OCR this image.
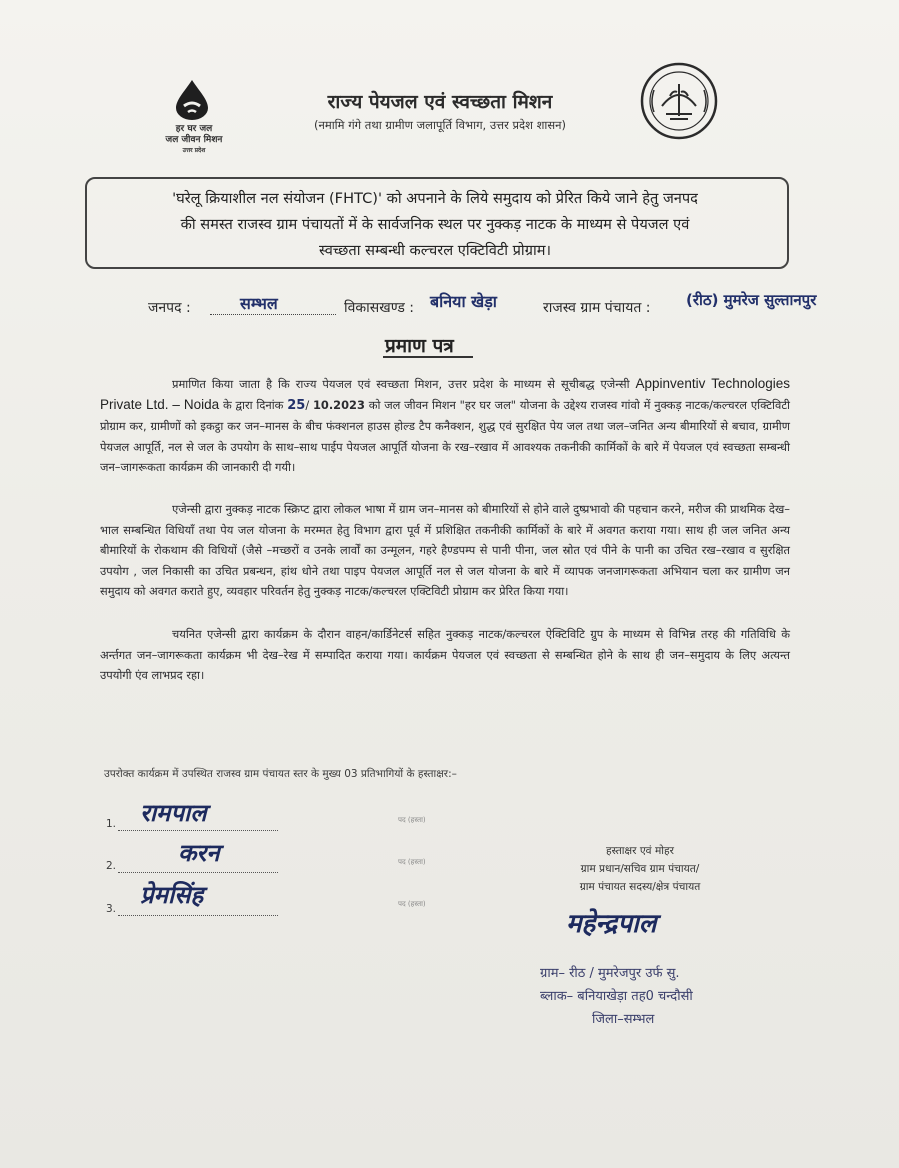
हर घर जल
जल जीवन मिशन
उत्तर प्रदेश
राज्य पेयजल एवं स्वच्छता मिशन
(नमामि गंगे तथा ग्रामीण जलापूर्ति विभाग, उत्तर प्रदेश शासन)
'घरेलू क्रियाशील नल संयोजन (FHTC)' को अपनाने के लिये समुदाय को प्रेरित किये जाने हेतु जनपद
की समस्त राजस्व ग्राम पंचायतों में के सार्वजनिक स्थल पर नुक्कड़ नाटक के माध्यम से पेयजल एवं
स्वच्छता सम्बन्धी कल्चरल एक्टिविटी प्रोग्राम।
जनपद :	सम्भल	विकासखण्ड : बनिया खेड़ा	राजस्व ग्राम पंचायत : (रीठ) मुमरेज सुल्तानपुर
प्रमाण पत्र
प्रमाणित किया जाता है कि राज्य पेयजल एवं स्वच्छता मिशन, उत्तर प्रदेश के माध्यम से सूचीबद्ध एजेन्सी Appinventiv Technologies Private Ltd. – Noida के द्वारा दिनांक 25/ 10.2023 को जल जीवन मिशन "हर घर जल" योजना के उद्देश्य राजस्व गांवो में नुक्कड़ नाटक/कल्चरल एक्टिविटी प्रोग्राम कर, ग्रामीणों को इकट्ठा कर जन–मानस के बीच फंक्शनल हाउस होल्ड टैप कनैक्शन, शुद्ध एवं सुरक्षित पेय जल तथा जल–जनित अन्य बीमारियों से बचाव, ग्रामीण पेयजल आपूर्ति, नल से जल के उपयोग के साथ–साथ पाईप पेयजल आपूर्ति योजना के रख–रखाव में आवश्यक तकनीकी कार्मिकों के बारे में पेयजल एवं स्वच्छता सम्बन्धी जन–जागरूकता कार्यक्रम की जानकारी दी गयी।
एजेन्सी द्वारा नुक्कड़ नाटक स्क्रिप्ट द्वारा लोकल भाषा में ग्राम जन–मानस को बीमारियों से होने वाले दुष्प्रभावो की पहचान करने, मरीज की प्राथमिक देख–भाल सम्बन्धित विधियाँ तथा पेय जल योजना के मरम्मत हेतु विभाग द्वारा पूर्व में प्रशिक्षित तकनीकी कार्मिकों के बारे में अवगत कराया गया। साथ ही जल जनित अन्य बीमारियों के रोकथाम की विधियों (जैसे –मच्छरों व उनके लार्वों का उन्मूलन, गहरे हैण्डपम्प से पानी पीना, जल स्रोत एवं पीने के पानी का उचित रख–रखाव व सुरक्षित उपयोग , जल निकासी का उचित प्रबन्धन, हांथ धोने तथा पाइप पेयजल आपूर्ति नल से जल योजना के बारे में व्यापक जनजागरूकता अभियान चला कर ग्रामीण जन समुदाय को अवगत कराते हुए, व्यवहार परिवर्तन हेतु नुक्कड़ नाटक/कल्चरल एक्टिविटी प्रोग्राम कर प्रेरित किया गया।
चयनित एजेन्सी द्वारा कार्यक्रम के दौरान वाहन/कार्डिनेटर्स सहित नुक्कड़ नाटक/कल्चरल ऐक्टिविटि ग्रुप के माध्यम से विभिन्न तरह की गतिविधि के अर्न्तगत जन–जागरूकता कार्यक्रम भी देख–रेख में सम्पादित कराया गया। कार्यक्रम पेयजल एवं स्वच्छता से सम्बन्धित होने के साथ ही जन–समुदाय के लिए अत्यन्त उपयोगी एंव लाभप्रद रहा।
उपरोक्त कार्यक्रम में उपस्थित राजस्व ग्राम पंचायत स्तर के मुख्य 03 प्रतिभागियों के हस्ताक्षर:–
1. रामपाल	पद (हस्ता)
2.	करन	पद (हस्ता)
3. प्रेमसिंह	पद (हस्ता)
हस्ताक्षर एवं मोहर
ग्राम प्रधान/सचिव ग्राम पंचायत/
ग्राम पंचायत सदस्य/क्षेत्र पंचायत
महेन्द्रपाल
ग्राम– रीठ / मुमरेजपुर उर्फ सु.
ब्लाक– बनियाखेड़ा तह0 चन्दौसी
जिला–सम्भल
